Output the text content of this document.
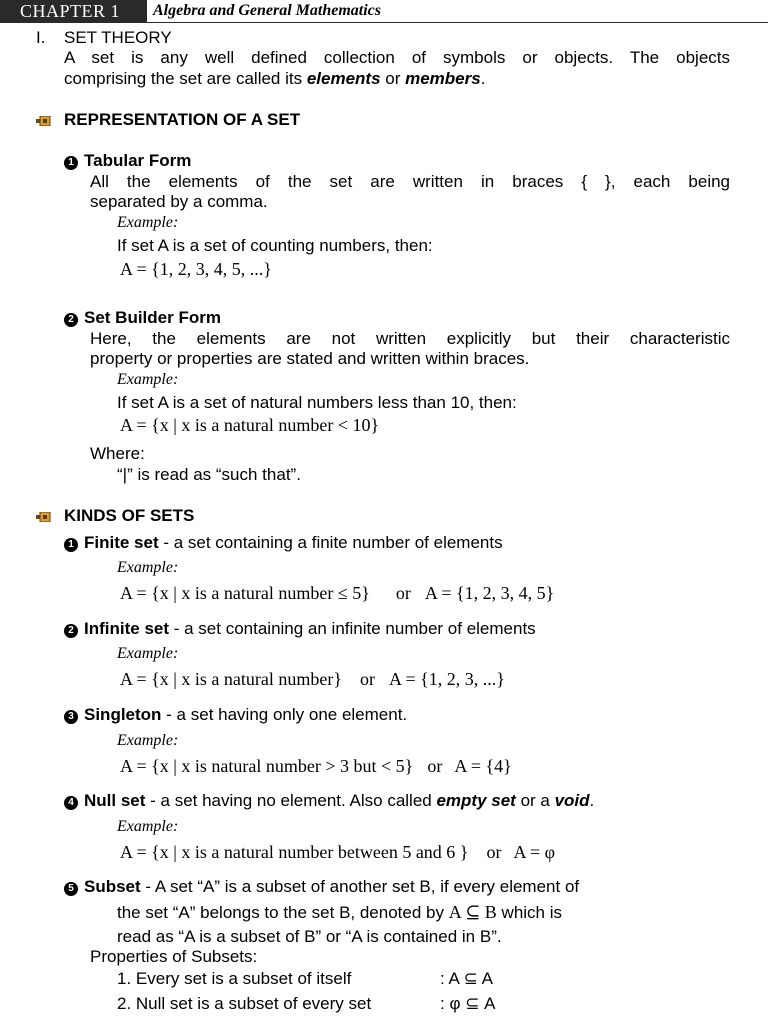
CHAPTER 1	Algebra and General Mathematics
I. SET THEORY
A set is any well defined collection of symbols or objects. The objects
comprising the set are called its elements or members.
REPRESENTATION OF A SET
1 Tabular Form
All the elements of the set are written in braces { }, each being
separated by a comma.
Example:
If set A is a set of counting numbers, then:
A = {1, 2, 3, 4, 5, ...}
2 Set Builder Form
Here, the elements are not written explicitly but their characteristic
property or properties are stated and written within braces.
Example:
If set A is a set of natural numbers less than 10, then:
A = {x | x is a natural number < 10}
Where:
“|” is read as “such that”.
KINDS OF SETS
1 Finite set - a set containing a finite number of elements
Example:
A = {x | x is a natural number ≤ 5} or A = {1, 2, 3, 4, 5}
2 Infinite set - a set containing an infinite number of elements
Example:
A = {x | x is a natural number} or A = {1, 2, 3, ...}
3 Singleton - a set having only one element.
Example:
A = {x | x is natural number > 3 but < 5} or A = {4}
4 Null set - a set having no element. Also called empty set or a void.
Example:
A = {x | x is a natural number between 5 and 6 } or A = φ
5 Subset - A set “A” is a subset of another set B, if every element of
the set “A” belongs to the set B, denoted by A ⊆ B which is
read as “A is a subset of B” or “A is contained in B”.
Properties of Subsets:
1. Every set is a subset of itself	: A ⊆ A
2. Null set is a subset of every set	: φ ⊆ A
